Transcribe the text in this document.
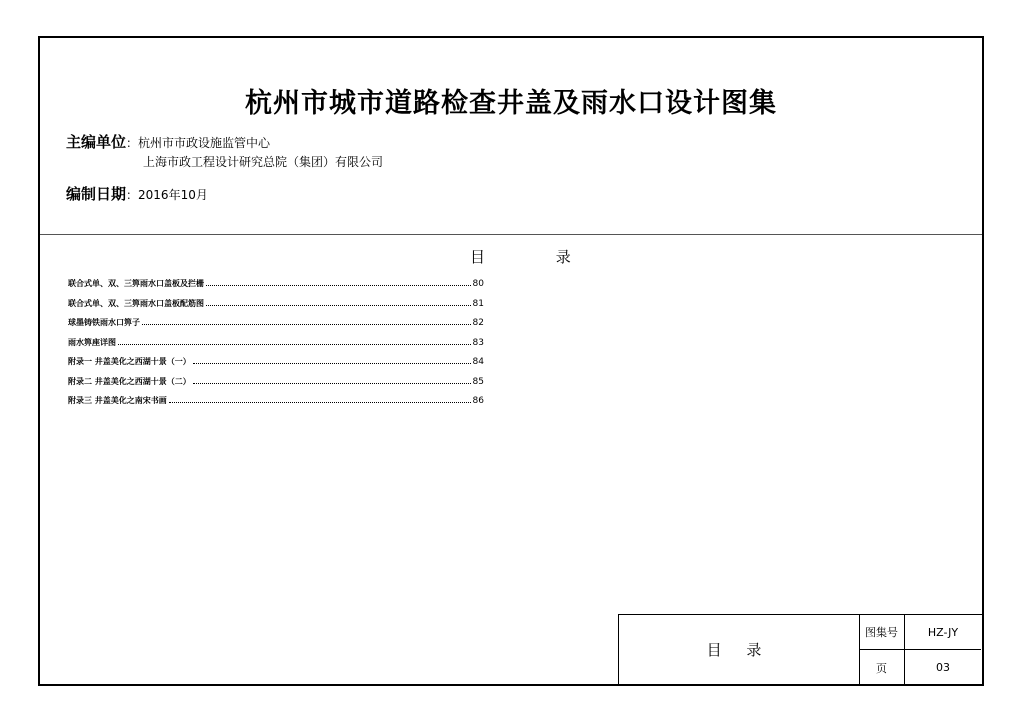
杭州市城市道路检查井盖及雨水口设计图集
主编单位：杭州市市政设施监管中心
上海市政工程设计研究总院（集团）有限公司
编制日期：2016年10月
目	录
联合式单、双、三箅雨水口盖板及拦栅	80
联合式单、双、三箅雨水口盖板配筋图	81
球墨铸铁雨水口箅子	82
雨水箅座详图	83
附录一 井盖美化之西湖十景（一）	84
附录二 井盖美化之西湖十景（二）	85
附录三 井盖美化之南宋书画	86
目 录
图集号	HZ-JY
页	03
